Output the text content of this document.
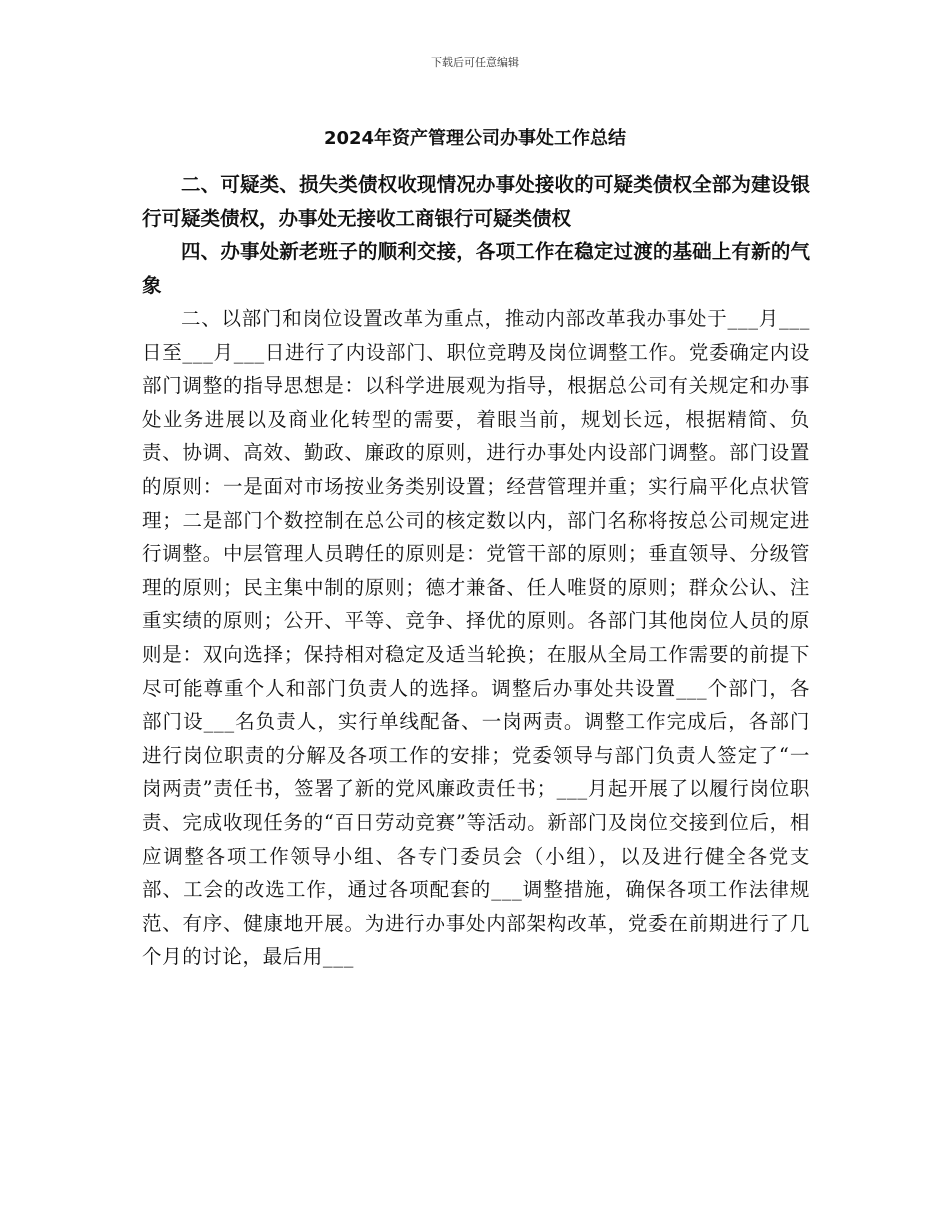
下载后可任意编辑
2024年资产管理公司办事处工作总结

二、可疑类、损失类债权收现情况办事处接收的可疑类债权全部为建设银行可疑类债权，办事处无接收工商银行可疑类债权

四、办事处新老班子的顺利交接，各项工作在稳定过渡的基础上有新的气象

二、以部门和岗位设置改革为重点，推动内部改革我办事处于___月___日至___月___日进行了内设部门、职位竞聘及岗位调整工作。党委确定内设部门调整的指导思想是：以科学进展观为指导，根据总公司有关规定和办事处业务进展以及商业化转型的需要，着眼当前，规划长远，根据精简、负责、协调、高效、勤政、廉政的原则，进行办事处内设部门调整。部门设置的原则：一是面对市场按业务类别设置；经营管理并重；实行扁平化点状管理；二是部门个数控制在总公司的核定数以内，部门名称将按总公司规定进行调整。中层管理人员聘任的原则是：党管干部的原则；垂直领导、分级管理的原则；民主集中制的原则；德才兼备、任人唯贤的原则；群众公认、注重实绩的原则；公开、平等、竞争、择优的原则。各部门其他岗位人员的原则是：双向选择；保持相对稳定及适当轮换；在服从全局工作需要的前提下尽可能尊重个人和部门负责人的选择。调整后办事处共设置___个部门，各部门设___名负责人，实行单线配备、一岗两责。调整工作完成后，各部门进行岗位职责的分解及各项工作的安排；党委领导与部门负责人签定了“一岗两责”责任书，签署了新的党风廉政责任书；___月起开展了以履行岗位职责、完成收现任务的“百日劳动竞赛”等活动。新部门及岗位交接到位后，相应调整各项工作领导小组、各专门委员会（小组），以及进行健全各党支部、工会的改选工作，通过各项配套的___调整措施，确保各项工作法律规范、有序、健康地开展。为进行办事处内部架构改革，党委在前期进行了几个月的讨论，最后用___
